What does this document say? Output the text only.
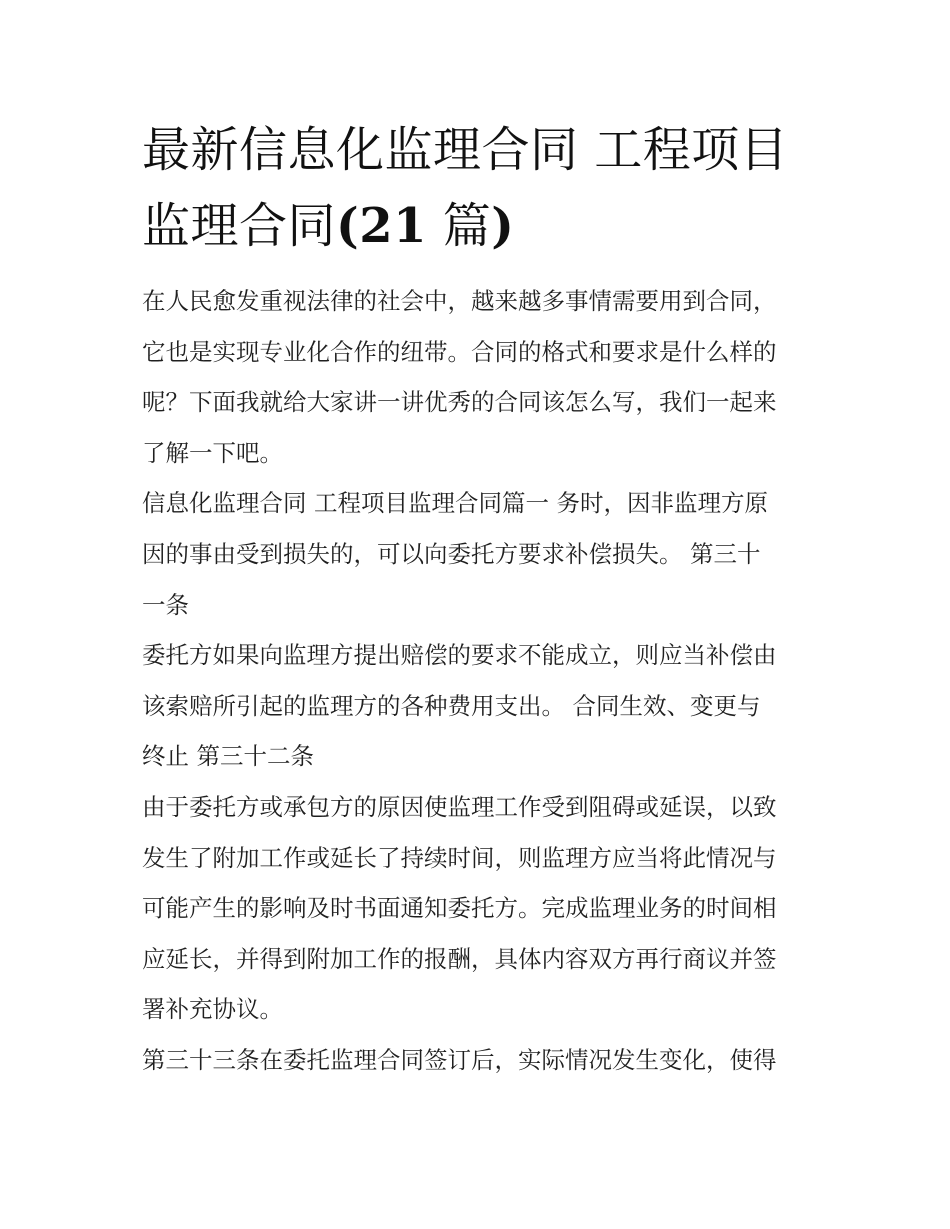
最新信息化监理合同 工程项目
监理合同(21 篇)

在人民愈发重视法律的社会中，越来越多事情需要用到合同，
它也是实现专业化合作的纽带。合同的格式和要求是什么样的
呢？下面我就给大家讲一讲优秀的合同该怎么写，我们一起来
了解一下吧。

信息化监理合同 工程项目监理合同篇一 务时，因非监理方原
因的事由受到损失的，可以向委托方要求补偿损失。 第三十
一条

委托方如果向监理方提出赔偿的要求不能成立，则应当补偿由
该索赔所引起的监理方的各种费用支出。 合同生效、变更与
终止 第三十二条

由于委托方或承包方的原因使监理工作受到阻碍或延误，以致
发生了附加工作或延长了持续时间，则监理方应当将此情况与
可能产生的影响及时书面通知委托方。完成监理业务的时间相
应延长，并得到附加工作的报酬，具体内容双方再行商议并签
署补充协议。

第三十三条在委托监理合同签订后，实际情况发生变化，使得
